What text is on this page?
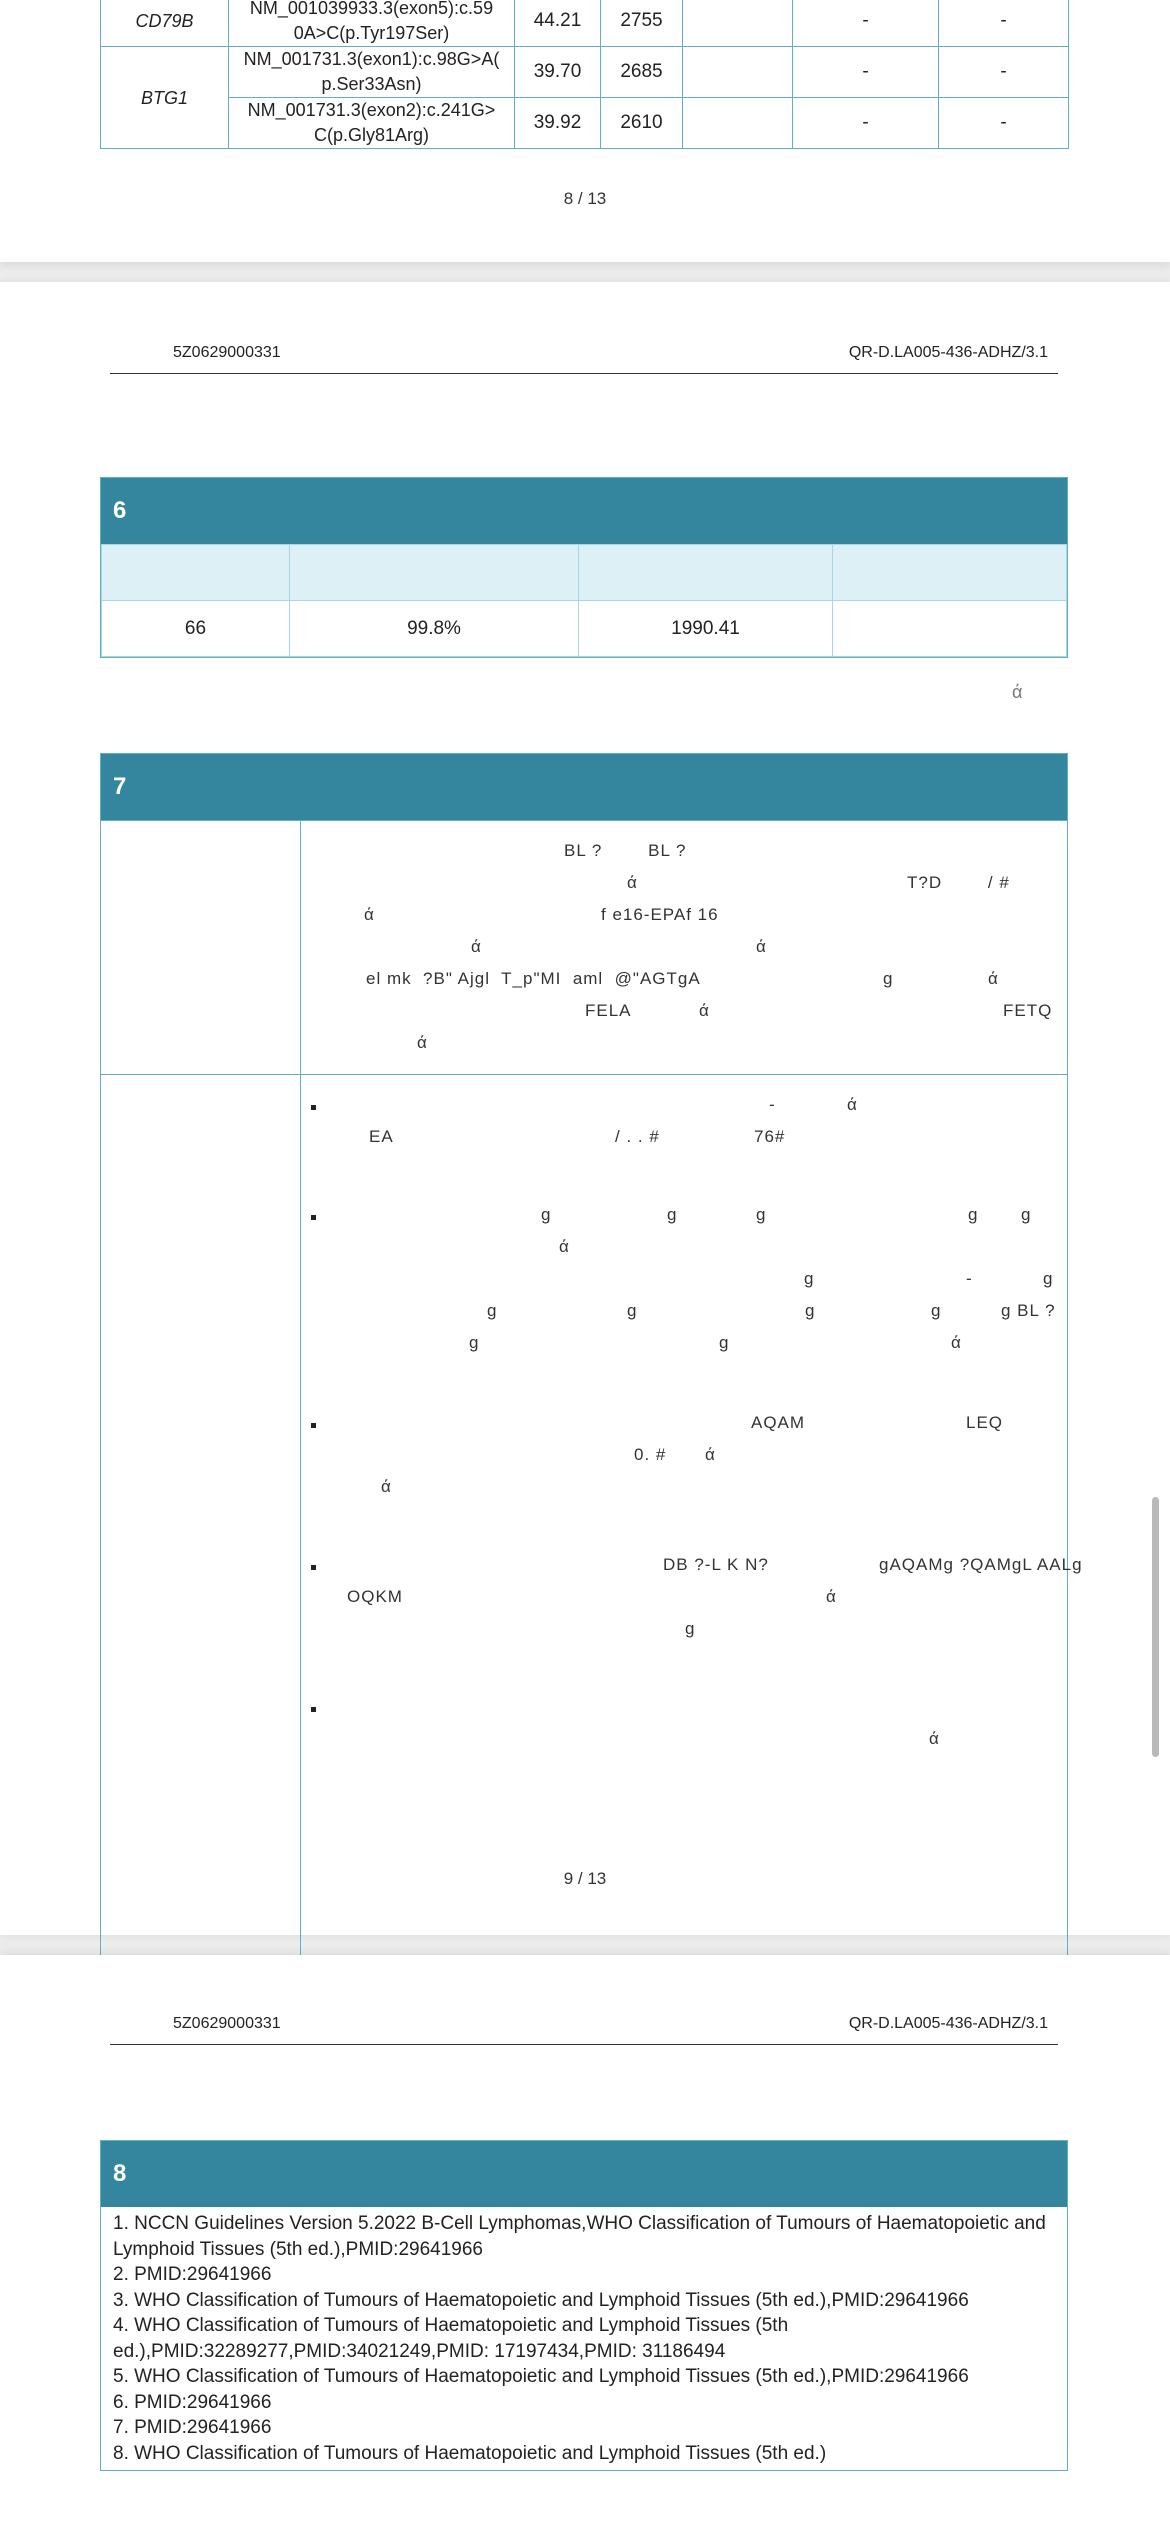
CD79B	NM_001039933.3(exon5):c.59
0A>C(p.Tyr197Ser)	44.21	2755		-	-
BTG1	NM_001731.3(exon1):c.98G>A(
p.Ser33Asn)	39.70	2685		-	-

	NM_001731.3(exon2):c.241G>
C(p.Gly81Arg)	39.92	2610		-	-
8 / 13
5Z0629000331	QR-D.LA005-436-ADHZ/3.1
6

66	99.8%	1990.41	
ά
7
BL ?        BL ?
ά	T?D        / #
ά	f e16-EPAf 16
ά	ά
el mk  ?B" Ajgl  T_p"MI  aml  @"AGTgA	g	ά
FELA	ά	FETQ
ά
-	ά
EA	/ . . #	76#
g	g	g	g	g
ά
g	-	g
g	g	g	g	g BL ?
g	g	ά
AQAM	LEQ
0. # ά
ά
DB ?-L K N?	gAQAMg ?QAMgL AALg
OQKM	ά
g
ά
9 / 13
5Z0629000331	QR-D.LA005-436-ADHZ/3.1
8
1. NCCN Guidelines Version 5.2022 B-Cell Lymphomas,WHO Classification of Tumours of Haematopoietic and Lymphoid Tissues (5th ed.),PMID:29641966
2. PMID:29641966
3. WHO Classification of Tumours of Haematopoietic and Lymphoid Tissues (5th ed.),PMID:29641966
4. WHO Classification of Tumours of Haematopoietic and Lymphoid Tissues (5th ed.),PMID:32289277,PMID:34021249,PMID: 17197434,PMID: 31186494
5. WHO Classification of Tumours of Haematopoietic and Lymphoid Tissues (5th ed.),PMID:29641966
6. PMID:29641966
7. PMID:29641966
8. WHO Classification of Tumours of Haematopoietic and Lymphoid Tissues (5th ed.)
